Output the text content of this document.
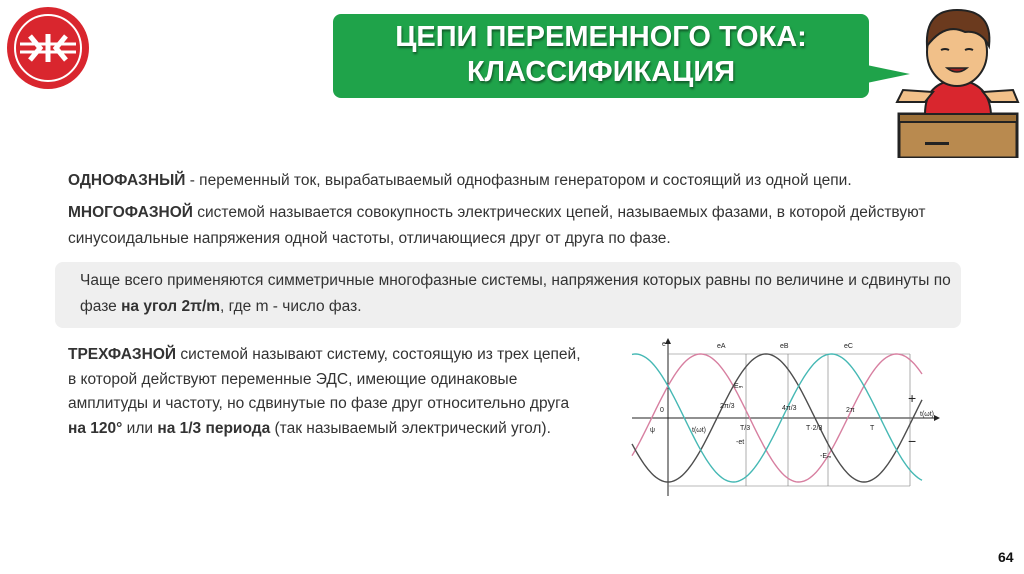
ЦЕПИ ПЕРЕМЕННОГО ТОКА:
КЛАССИФИКАЦИЯ
ОДНОФАЗНЫЙ - переменный ток, вырабатываемый однофазным генератором и состоящий из одной цепи.
МНОГОФАЗНОЙ системой называется совокупность электрических цепей, называемых фазами, в которой действуют синусоидальные напряжения одной частоты, отличающиеся друг от друга по фазе.
Чаще всего применяются симметричные многофазные системы, напряжения которых равны по величине и сдвинуты по фазе на угол 2π/m, где m - число фаз.
ТРЕХФАЗНОЙ системой называют систему, состоящую из трех цепей, в которой действуют переменные ЭДС, имеющие одинаковые амплитуды и частоту, но сдвинутые по фазе друг относительно друга на 120° или на 1/3 периода (так называемый электрический угол).
e	eA	eB	eC
Eₘ
-Eₘ
2π/3	4π/3	2π
T/3	T·2/3	T
0
ψ
-et
t(ωt)
t(ωt)
+
−
64
